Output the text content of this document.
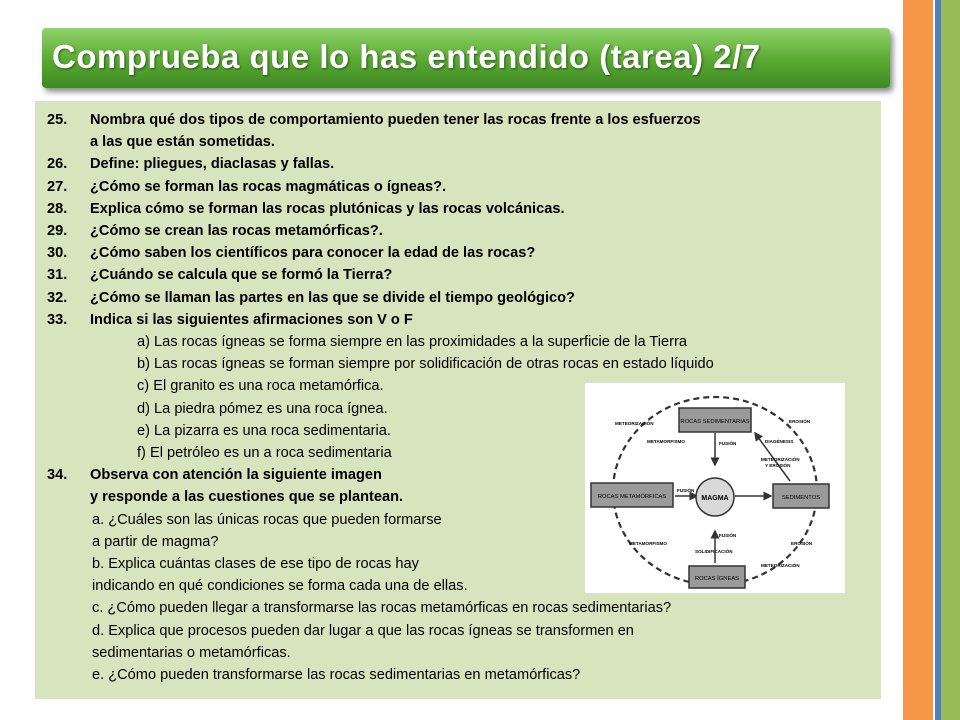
Comprueba que lo has entendido (tarea) 2/7
25. Nombra qué dos tipos de comportamiento pueden tener las rocas frente a los esfuerzos
a las que están sometidas.
26. Define: pliegues, diaclasas y fallas.
27. ¿Cómo se forman las rocas magmáticas o ígneas?.
28. Explica cómo se forman las rocas plutónicas y las rocas volcánicas.
29. ¿Cómo se crean las rocas metamórficas?.
30. ¿Cómo saben los científicos para conocer la edad de las rocas?
31. ¿Cuándo se calcula que se formó la Tierra?
32. ¿Cómo se llaman las partes en las que se divide el tiempo geológico?
33. Indica si las siguientes afirmaciones son V o F
a) Las rocas ígneas se forma siempre en las proximidades a la superficie de la Tierra
b) Las rocas ígneas se forman siempre por solidificación de otras rocas en estado líquido
c) El granito es una roca metamórfica.
d) La piedra pómez es una roca ígnea.
e) La pizarra es una roca sedimentaria.
f) El petróleo es un a roca sedimentaria
34. Observa con atención la siguiente imagen
y responde a las cuestiones que se plantean.
a. ¿Cuáles son las únicas rocas que pueden formarse
a partir de magma?
b. Explica cuántas clases de ese tipo de rocas hay
indicando en qué condiciones se forma cada una de ellas.
c. ¿Cómo pueden llegar a transformarse las rocas metamórficas en rocas sedimentarias?
d. Explica que procesos pueden dar lugar a que las rocas ígneas se transformen en
sedimentarias o metamórficas.
e. ¿Cómo pueden transformarse las rocas sedimentarias en metamórficas?
ROCAS SEDIMENTARIAS
ROCAS METAMÓRFICAS	MAGMA	SEDIMENTOS
ROCAS ÍGNEAS
METEORIZACIÓN	EROSIÓN
DIAGÉNESIS
METAMORFISMO	FUSIÓN
METEORIZACIÓN
Y EROSIÓN
FUSIÓN
FUSIÓN
EROSIÓN
METAMORFISMO
SOLIDIFICACIÓN
METEORIZACIÓN
